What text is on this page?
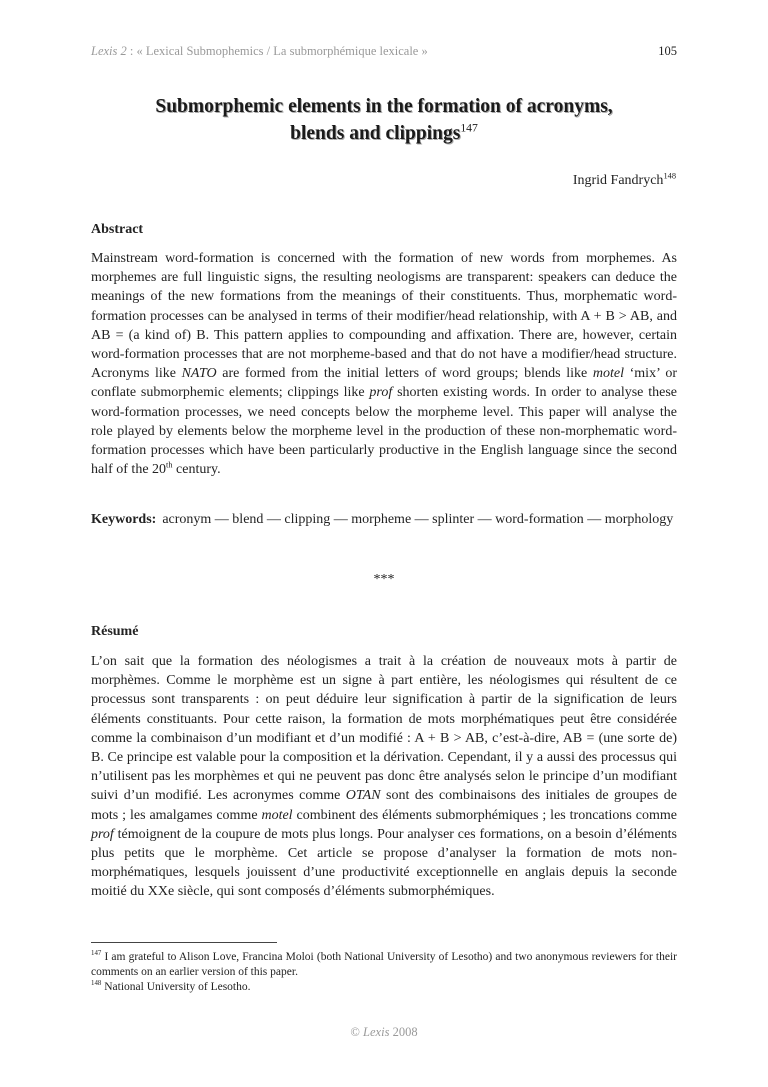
Lexis 2 : « Lexical Submophemics / La submorphémique lexicale »	105
Submorphemic elements in the formation of acronyms,
blends and clippings$^{147}$
Ingrid Fandrych$^{148}$
Abstract

Mainstream word-formation is concerned with the formation of new words from morphemes. As morphemes are full linguistic signs, the resulting neologisms are transparent: speakers can deduce the meanings of the new formations from the meanings of their constituents. Thus, morphematic word-formation processes can be analysed in terms of their modifier/head relationship, with A + B > AB, and AB = (a kind of) B. This pattern applies to compounding and affixation. There are, however, certain word-formation processes that are not morpheme-based and that do not have a modifier/head structure. Acronyms like NATO are formed from the initial letters of word groups; blends like motel ‘mix’ or conflate submorphemic elements; clippings like prof shorten existing words. In order to analyse these word-formation processes, we need concepts below the morpheme level. This paper will analyse the role played by elements below the morpheme level in the production of these non-morphematic word-formation processes which have been particularly productive in the English language since the second half of the 20th century.

Keywords: acronym — blend — clipping — morpheme — splinter — word-formation — morphology
***
Résumé

L’on sait que la formation des néologismes a trait à la création de nouveaux mots à partir de morphèmes. Comme le morphème est un signe à part entière, les néologismes qui résultent de ce processus sont transparents : on peut déduire leur signification à partir de la signification de leurs éléments constituants. Pour cette raison, la formation de mots morphématiques peut être considérée comme la combinaison d’un modifiant et d’un modifié : A + B > AB, c’est-à-dire, AB = (une sorte de) B. Ce principe est valable pour la composition et la dérivation. Cependant, il y a aussi des processus qui n’utilisent pas les morphèmes et qui ne peuvent pas donc être analysés selon le principe d’un modifiant suivi d’un modifié. Les acronymes comme OTAN sont des combinaisons des initiales de groupes de mots ; les amalgames comme motel combinent des éléments submorphémiques ; les troncations comme prof témoignent de la coupure de mots plus longs. Pour analyser ces formations, on a besoin d’éléments plus petits que le morphème. Cet article se propose d’analyser la formation de mots non-morphématiques, lesquels jouissent d’une productivité exceptionnelle en anglais depuis la seconde moitié du XXe siècle, qui sont composés d’éléments submorphémiques.

$^{147}$ I am grateful to Alison Love, Francina Moloi (both National University of Lesotho) and two anonymous reviewers for their comments on an earlier version of this paper.

$^{148}$ National University of Lesotho.

© Lexis 2008
